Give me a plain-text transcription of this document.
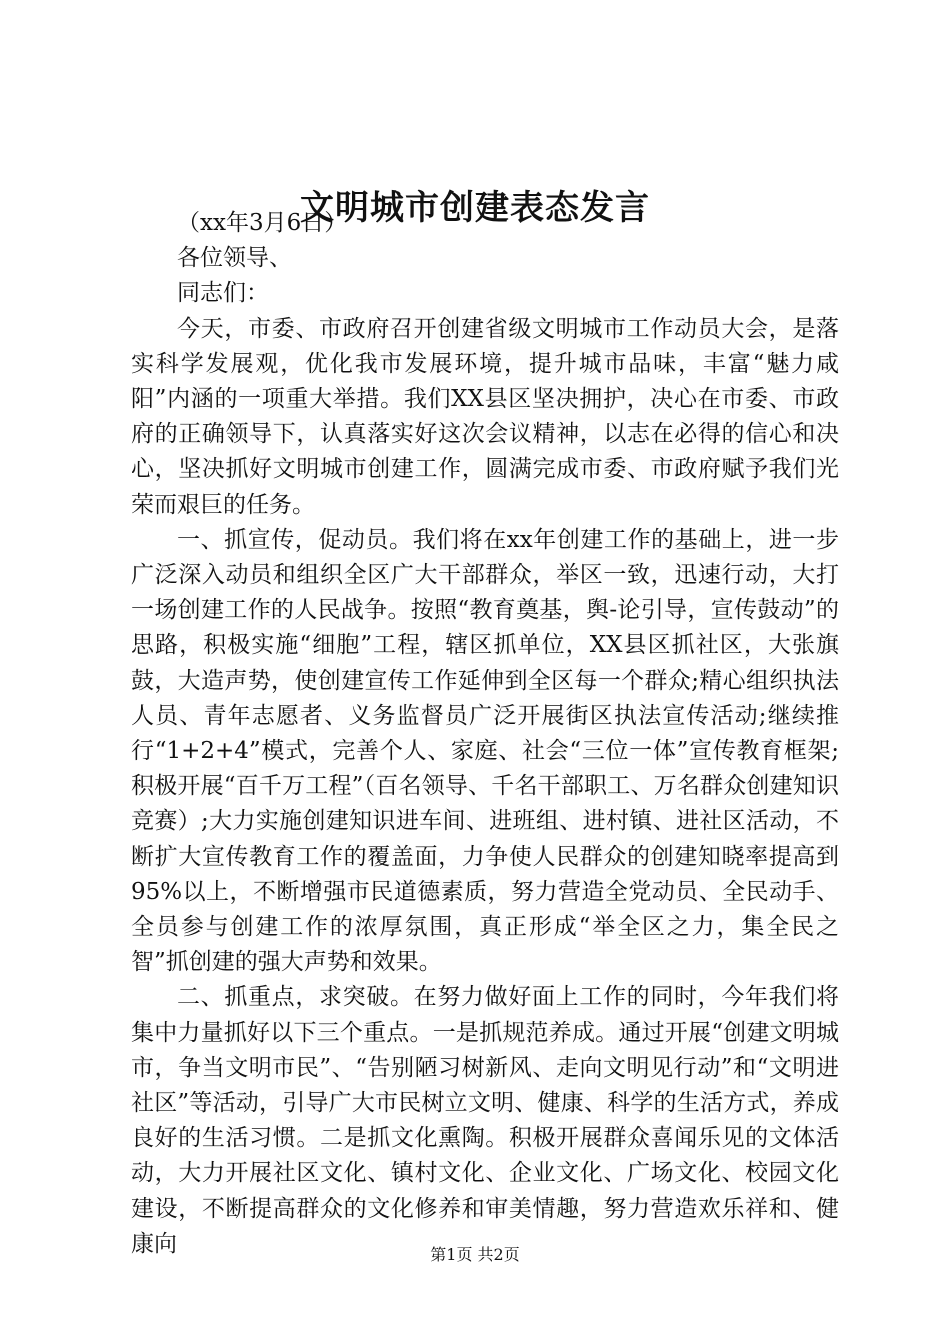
文明城市创建表态发言

（xx年3月6日）

各位领导、

同志们：

今天，市委、市政府召开创建省级文明城市工作动员大会，是落实科学发展观，优化我市发展环境，提升城市品味，丰富“魅力咸阳”内涵的一项重大举措。我们XX县区坚决拥护，决心在市委、市政府的正确领导下，认真落实好这次会议精神，以志在必得的信心和决心，坚决抓好文明城市创建工作，圆满完成市委、市政府赋予我们光荣而艰巨的任务。

一、抓宣传，促动员。我们将在xx年创建工作的基础上，进一步广泛深入动员和组织全区广大干部群众，举区一致，迅速行动，大打一场创建工作的人民战争。按照“教育奠基，舆-论引导，宣传鼓动”的思路，积极实施“细胞”工程，辖区抓单位，XX县区抓社区，大张旗鼓，大造声势，使创建宣传工作延伸到全区每一个群众;精心组织执法人员、青年志愿者、义务监督员广泛开展街区执法宣传活动;继续推行“1+2+4”模式，完善个人、家庭、社会“三位一体”宣传教育框架;积极开展“百千万工程”（百名领导、千名干部职工、万名群众创建知识竞赛）;大力实施创建知识进车间、进班组、进村镇、进社区活动，不断扩大宣传教育工作的覆盖面，力争使人民群众的创建知晓率提高到95%以上，不断增强市民道德素质，努力营造全党动员、全民动手、全员参与创建工作的浓厚氛围，真正形成“举全区之力，集全民之智”抓创建的强大声势和效果。

二、抓重点，求突破。在努力做好面上工作的同时，今年我们将集中力量抓好以下三个重点。一是抓规范养成。通过开展“创建文明城市，争当文明市民”、“告别陋习树新风、走向文明见行动”和“文明进社区”等活动，引导广大市民树立文明、健康、科学的生活方式，养成良好的生活习惯。二是抓文化熏陶。积极开展群众喜闻乐见的文体活动，大力开展社区文化、镇村文化、企业文化、广场文化、校园文化建设，不断提高群众的文化修养和审美情趣，努力营造欢乐祥和、健康向	第1页 共2页
